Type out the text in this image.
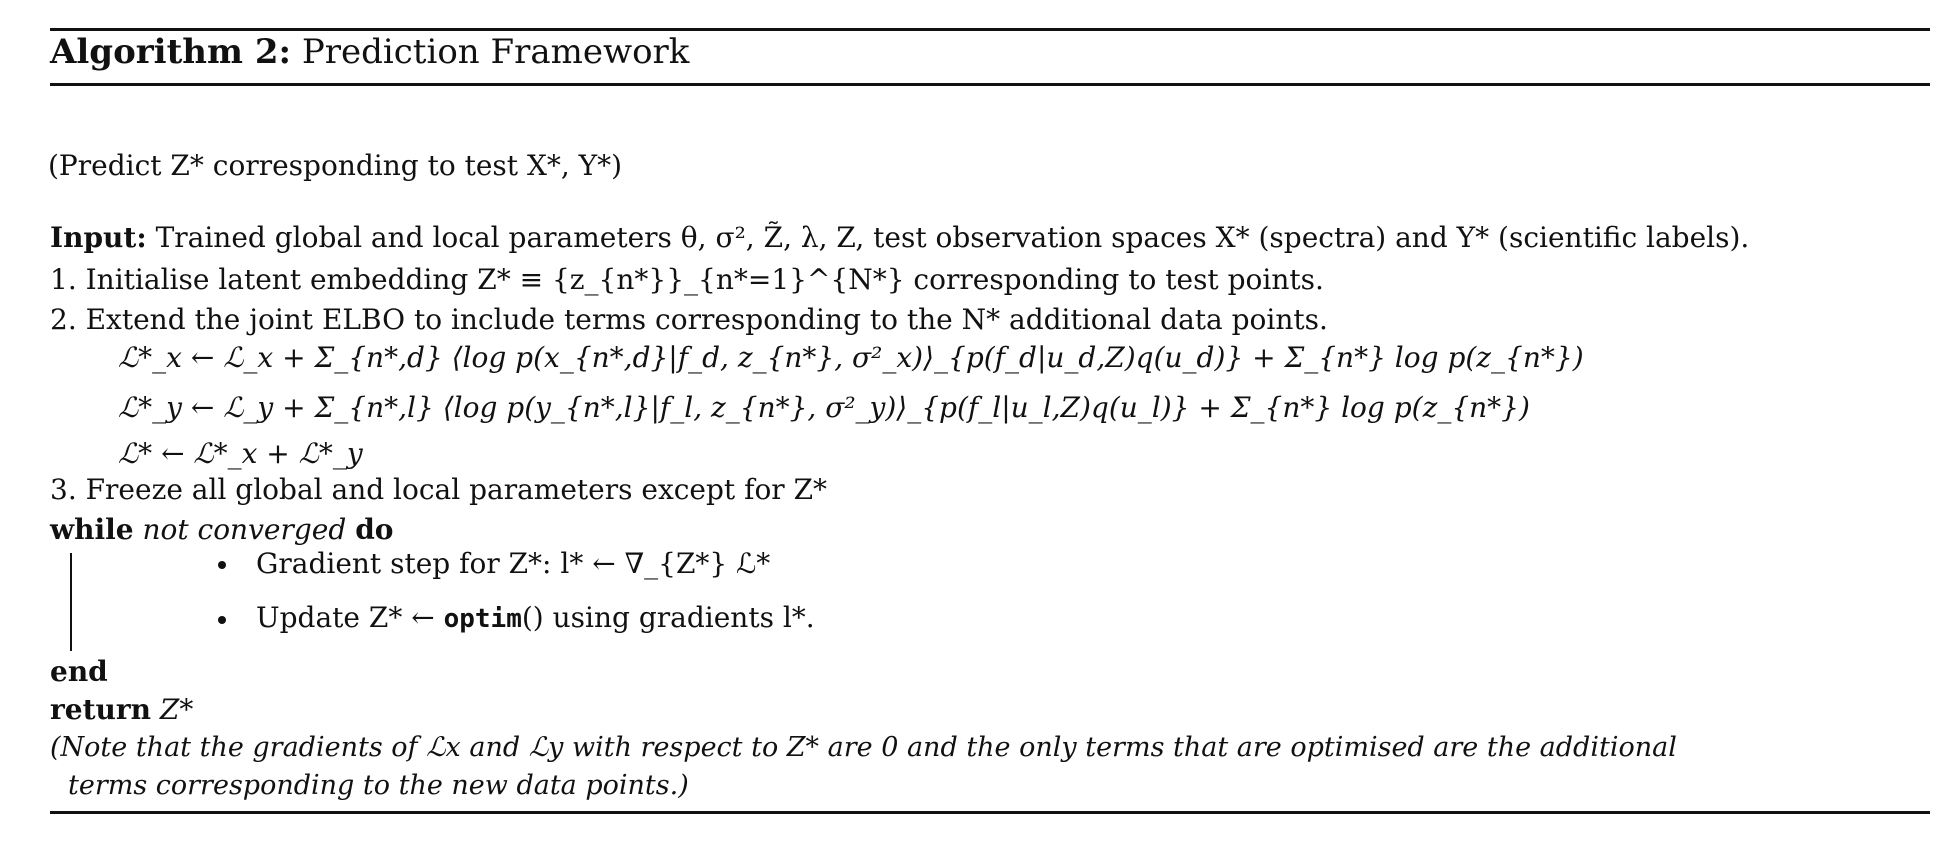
Algorithm 2: Prediction Framework
(Predict Z* corresponding to test X*, Y*)
Input: Trained global and local parameters θ, σ², Z̃, λ, Z, test observation spaces X* (spectra) and Y* (scientific labels).
1. Initialise latent embedding Z* ≡ {z_{n*}}_{n*=1}^{N*} corresponding to test points.
2. Extend the joint ELBO to include terms corresponding to the N* additional data points.
ℒ*_x ← ℒ_x + Σ_{n*,d} ⟨log p(x_{n*,d}|f_d, z_{n*}, σ²_x)⟩_{p(f_d|u_d,Z)q(u_d)} + Σ_{n*} log p(z_{n*})
ℒ*_y ← ℒ_y + Σ_{n*,l} ⟨log p(y_{n*,l}|f_l, z_{n*}, σ²_y)⟩_{p(f_l|u_l,Z)q(u_l)} + Σ_{n*} log p(z_{n*})
ℒ* ← ℒ*_x + ℒ*_y
3. Freeze all global and local parameters except for Z*
while not converged do
Gradient step for Z*: l* ← ∇_{Z*} ℒ*
Update Z* ← optim() using gradients l*.
end
return Z*
(Note that the gradients of ℒx and ℒy with respect to Z* are 0 and the only terms that are optimised are the additional
terms corresponding to the new data points.)
